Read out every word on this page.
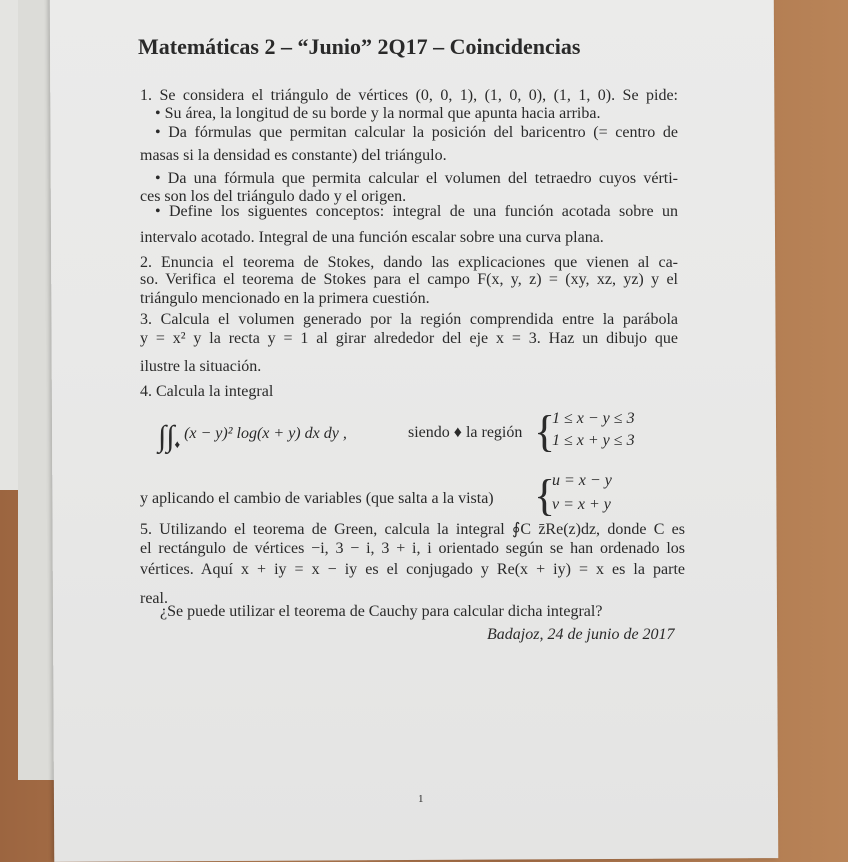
Matemáticas 2 – “Junio” 2Q17 – Coincidencias
1. Se considera el triángulo de vértices (0, 0, 1), (1, 0, 0), (1, 1, 0). Se pide:
• Su área, la longitud de su borde y la normal que apunta hacia arriba.
• Da fórmulas que permitan calcular la posición del baricentro (= centro de
masas si la densidad es constante) del triángulo.
• Da una fórmula que permita calcular el volumen del tetraedro cuyos vérti-
ces son los del triángulo dado y el origen.
• Define los siguentes conceptos: integral de una función acotada sobre un
intervalo acotado. Integral de una función escalar sobre una curva plana.
2. Enuncia el teorema de Stokes, dando las explicaciones que vienen al ca-
so. Verifica el teorema de Stokes para el campo F(x, y, z) = (xy, xz, yz) y el
triángulo mencionado en la primera cuestión.
3. Calcula el volumen generado por la región comprendida entre la parábola
y = x² y la recta y = 1 al girar alrededor del eje x = 3. Haz un dibujo que
ilustre la situación.
4. Calcula la integral
$\int\int_♦$ (x − y)² log(x + y) dx dy ,	siendo ♦ la región {
1 ≤ x − y ≤ 3
1 ≤ x + y ≤ 3
y aplicando el cambio de variables (que salta a la vista) {
u = x − y
v = x + y
5. Utilizando el teorema de Green, calcula la integral ∮C z̄Re(z)dz, donde C es
el rectángulo de vértices −i, 3 − i, 3 + i, i orientado según se han ordenado los
vértices. Aquí x + iy = x − iy es el conjugado y Re(x + iy) = x es la parte
real.
¿Se puede utilizar el teorema de Cauchy para calcular dicha integral?
Badajoz, 24 de junio de 2017
1
